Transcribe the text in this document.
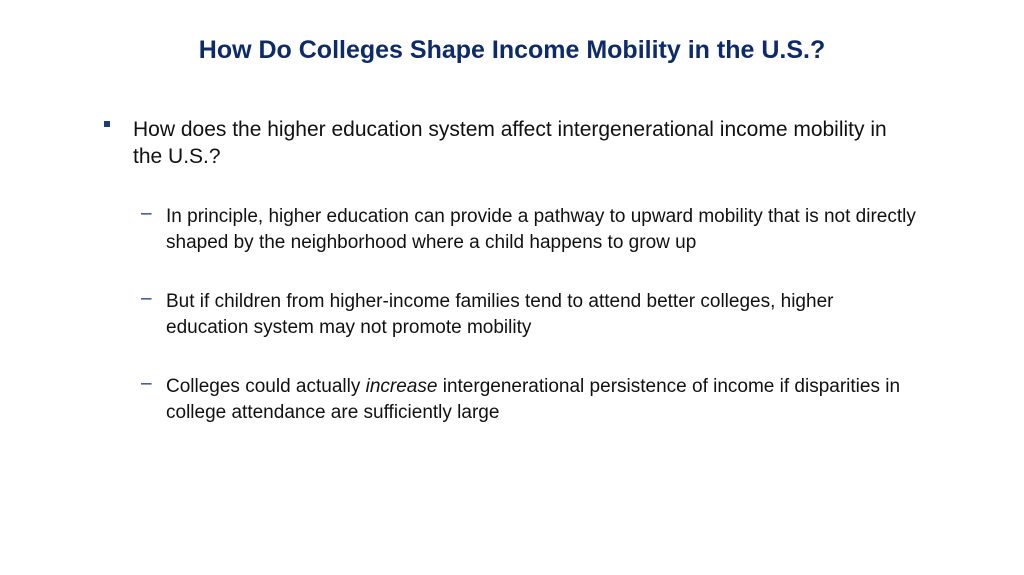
How Do Colleges Shape Income Mobility in the U.S.?
How does the higher education system affect intergenerational income mobility in the U.S.?
– In principle, higher education can provide a pathway to upward mobility that is not directly shaped by the neighborhood where a child happens to grow up
– But if children from higher-income families tend to attend better colleges, higher education system may not promote mobility
– Colleges could actually increase intergenerational persistence of income if disparities in college attendance are sufficiently large
